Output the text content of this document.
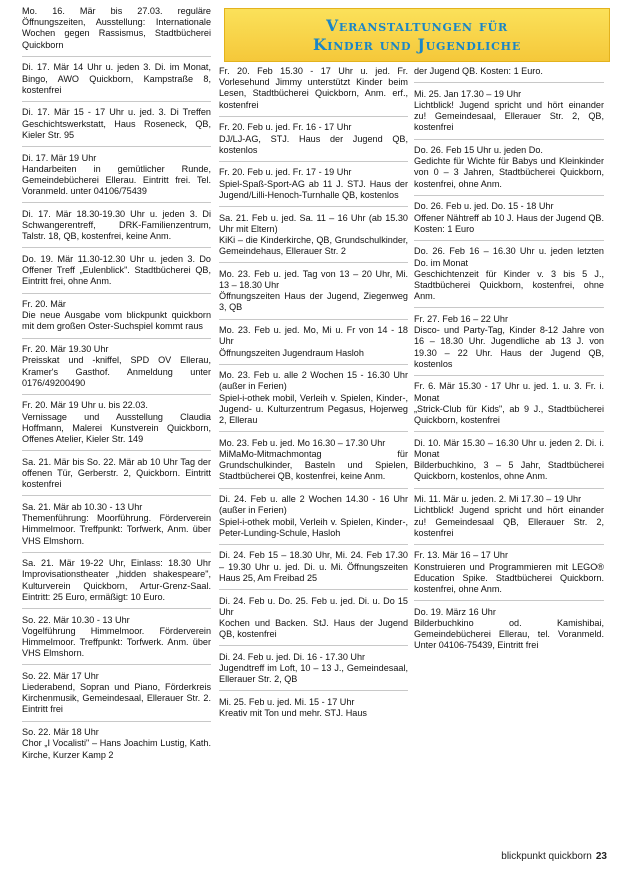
Veranstaltungen für
Kinder und Jugendliche
Mo. 16. Mär bis 27.03. reguläre Öffnungszeiten, Ausstellung: Internationale Wochen gegen Rassismus, Stadtbücherei Quickborn
Di. 17. Mär 14 Uhr u. jeden 3. Di. im Monat, Bingo, AWO Quickborn, Kampstraße 8, kostenfrei
Di. 17. Mär 15 - 17 Uhr u. jed. 3. Di Treffen Geschichtswerkstatt, Haus Roseneck, QB, Kieler Str. 95
Di. 17. Mär 19 Uhr
Handarbeiten in gemütlicher Runde, Gemeindebücherei Ellerau. Eintritt frei. Tel. Voranmeld. unter 04106/75439
Di. 17. Mär 18.30-19.30 Uhr u. jeden 3. Di Schwangerentreff, DRK-Familienzentrum, Talstr. 18, QB, kostenfrei, keine Anm.
Do. 19. Mär 11.30-12.30 Uhr u. jeden 3. Do Offener Treff „Eulenblick". Stadtbücherei QB, Eintritt frei, ohne Anm.
Fr. 20. Mär
Die neue Ausgabe vom blickpunkt quickborn mit dem großen Oster-Suchspiel kommt raus
Fr. 20. Mär 19.30 Uhr
Preisskat und -kniffel, SPD OV Ellerau, Kramer's Gasthof. Anmeldung unter 0176/49200490
Fr. 20. Mär 19 Uhr u. bis 22.03.
Vernissage und Ausstellung Claudia Hoffmann, Malerei Kunstverein Quickborn, Offenes Atelier, Kieler Str. 149
Sa. 21. Mär bis So. 22. Mär ab 10 Uhr Tag der offenen Tür, Gerberstr. 2, Quickborn. Eintritt kostenfrei
Sa. 21. Mär ab 10.30 - 13 Uhr
Themenführung: Moorführung. Förderverein Himmelmoor. Treffpunkt: Torfwerk, Anm. über VHS Elmshorn.
Sa. 21. Mär 19-22 Uhr, Einlass: 18.30 Uhr Improvisationstheater „hidden shakespeare", Kulturverein Quickborn, Artur-Grenz-Saal. Eintritt: 25 Euro, ermäßigt: 10 Euro.
So. 22. Mär 10.30 - 13 Uhr
Vogelführung Himmelmoor. Förderverein Himmelmoor. Treffpunkt: Torfwerk. Anm. über VHS Elmshorn.
So. 22. Mär 17 Uhr
Liederabend, Sopran und Piano, Förderkreis Kirchenmusik, Gemeindesaal, Ellerauer Str. 2. Eintritt frei
So. 22. Mär 18 Uhr
Chor „I Vocalisti" – Hans Joachim Lustig, Kath. Kirche, Kurzer Kamp 2
Fr. 20. Feb 15.30 - 17 Uhr u. jed. Fr. Vorlesehund Jimmy unterstützt Kinder beim Lesen, Stadtbücherei Quickborn, Anm. erf., kostenfrei
Fr. 20. Feb u. jed. Fr. 16 - 17 Uhr
DJ/LJ-AG, STJ. Haus der Jugend QB, kostenlos
Fr. 20. Feb u. jed. Fr. 17 - 19 Uhr
Spiel-Spaß-Sport-AG ab 11 J. STJ. Haus der Jugend/Lilli-Henoch-Turnhalle QB, kostenlos
Sa. 21. Feb u. jed. Sa. 11 – 16 Uhr (ab 15.30 Uhr mit Eltern)
KiKi – die Kinderkirche, QB, Grundschulkinder, Gemeindehaus, Ellerauer Str. 2
Mo. 23. Feb u. jed. Tag von 13 – 20 Uhr, Mi. 13 – 18.30 Uhr
Öffnungszeiten Haus der Jugend, Ziegenweg 3, QB
Mo. 23. Feb u. jed. Mo, Mi u. Fr von 14 - 18 Uhr
Öffnungszeiten Jugendraum Hasloh
Mo. 23. Feb u. alle 2 Wochen 15 - 16.30 Uhr (außer in Ferien)
Spiel-i-othek mobil, Verleih v. Spielen, Kinder-, Jugend- u. Kulturzentrum Pegasus, Hojerweg 2, Ellerau
Mo. 23. Feb u. jed. Mo 16.30 – 17.30 Uhr
MiMaMo-Mitmachmontag für Grundschulkinder, Basteln und Spielen, Stadtbücherei QB, kostenfrei, keine Anm.
Di. 24. Feb u. alle 2 Wochen 14.30 - 16 Uhr (außer in Ferien)
Spiel-i-othek mobil, Verleih v. Spielen, Kinder-, Peter-Lunding-Schule, Hasloh
Di. 24. Feb 15 – 18.30 Uhr, Mi. 24. Feb 17.30 – 19.30 Uhr u. jed. Di. u. Mi. Öffnungszeiten Haus 25, Am Freibad 25
Di. 24. Feb u. Do. 25. Feb u. jed. Di. u. Do 15 Uhr
Kochen und Backen. StJ. Haus der Jugend QB, kostenfrei
Di. 24. Feb u. jed. Di. 16 - 17.30 Uhr
Jugendtreff im Loft, 10 – 13 J., Gemeindesaal, Ellerauer Str. 2, QB
Mi. 25. Feb u. jed. Mi. 15 - 17 Uhr
Kreativ mit Ton und mehr. STJ. Haus
der Jugend QB. Kosten: 1 Euro.
Mi. 25. Jan 17.30 – 19 Uhr
Lichtblick! Jugend spricht und hört einander zu! Gemeindesaal, Ellerauer Str. 2, QB, kostenfrei
Do. 26. Feb 15 Uhr u. jeden Do.
Gedichte für Wichte für Babys und Kleinkinder von 0 – 3 Jahren, Stadtbücherei Quickborn, kostenfrei, ohne Anm.
Do. 26. Feb u. jed. Do. 15 - 18 Uhr
Offener Nähtreff ab 10 J. Haus der Jugend QB. Kosten: 1 Euro
Do. 26. Feb 16 – 16.30 Uhr u. jeden letzten Do. im Monat
Geschichtenzeit für Kinder v. 3 bis 5 J., Stadtbücherei Quickborn, kostenfrei, ohne Anm.
Fr. 27. Feb 16 – 22 Uhr
Disco- und Party-Tag, Kinder 8-12 Jahre von 16 – 18.30 Uhr. Jugendliche ab 13 J. von 19.30 – 22 Uhr. Haus der Jugend QB, kostenlos
Fr. 6. Mär 15.30 - 17 Uhr u. jed. 1. u. 3. Fr. i. Monat
„Strick-Club für Kids", ab 9 J., Stadtbücherei Quickborn, kostenfrei
Di. 10. Mär 15.30 – 16.30 Uhr u. jeden 2. Di. i. Monat
Bilderbuchkino, 3 – 5 Jahr, Stadtbücherei Quickborn, kostenlos, ohne Anm.
Mi. 11. Mär u. jeden. 2. Mi 17.30 – 19 Uhr
Lichtblick! Jugend spricht und hört einander zu! Gemeindesaal QB, Ellerauer Str. 2, kostenfrei
Fr. 13. Mär 16 – 17 Uhr
Konstruieren und Programmieren mit LEGO® Education Spike. Stadtbücherei Quickborn. kostenfrei, ohne Anm.
Do. 19. März 16 Uhr
Bilderbuchkino od. Kamishibai, Gemeindebücherei Ellerau, tel. Voranmeld. Unter 04106-75439, Eintritt frei
blickpunkt quickborn 23
